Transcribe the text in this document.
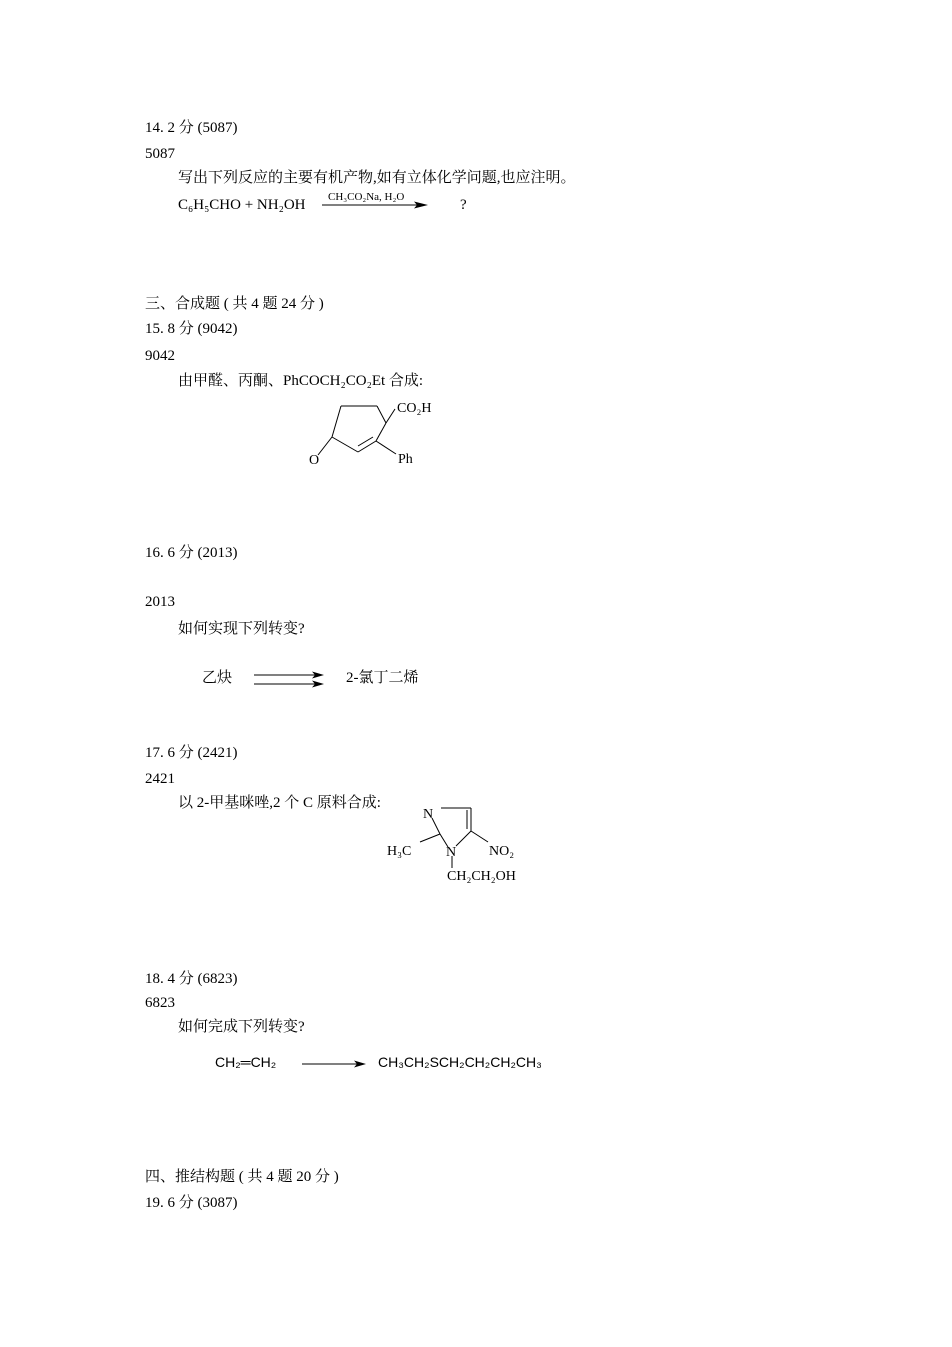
14. 2 分 (5087)
5087
写出下列反应的主要有机产物,如有立体化学问题,也应注明。
C₆H₅CHO + NH₂OH CH₃CO₂Na, H₂O	?
三、合成题 ( 共 4 题 24 分 )
15. 8 分 (9042)
9042
由甲醛、丙酮、PhCOCH₂CO₂Et 合成:
CO₂H
O	Ph
16. 6 分 (2013)
2013
如何实现下列转变?
乙炔	2-氯丁二烯
17. 6 分 (2421)
2421
以 2-甲基咪唑,2 个 C 原料合成:
N
N
H₃C	NO₂
CH₂CH₂OH
18. 4 分 (6823)
6823
如何完成下列转变?
CH₂═CH₂	CH₃CH₂SCH₂CH₂CH₂CH₃
四、推结构题 ( 共 4 题 20 分 )
19. 6 分 (3087)
